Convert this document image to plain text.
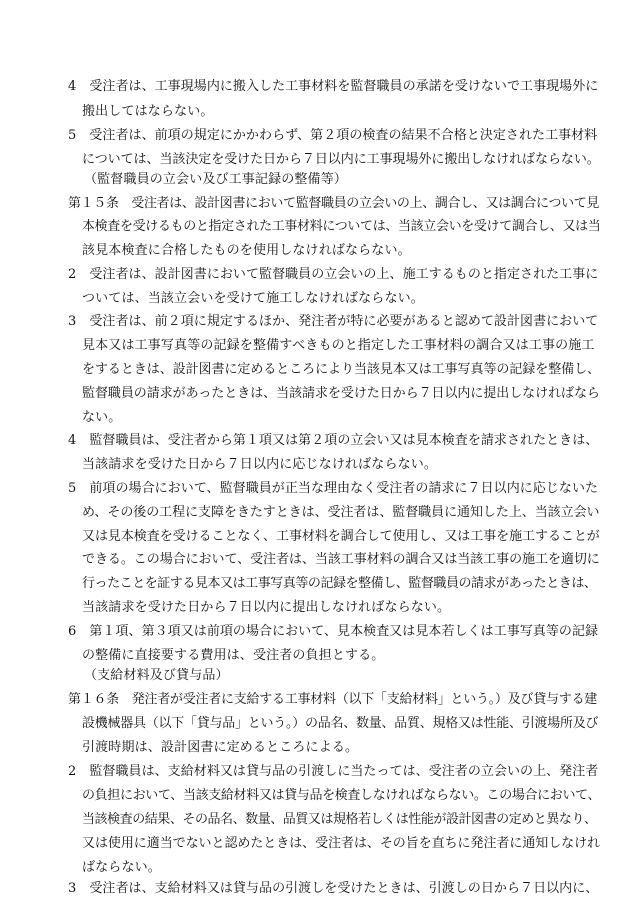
4　受注者は、工事現場内に搬入した工事材料を監督職員の承諾を受けないで工事現場外に
搬出してはならない。
5　受注者は、前項の規定にかかわらず、第２項の検査の結果不合格と決定された工事材料
については、当該決定を受けた日から７日以内に工事現場外に搬出しなければならない。
（監督職員の立会い及び工事記録の整備等）
第１５条　受注者は、設計図書において監督職員の立会いの上、調合し、又は調合について見
本検査を受けるものと指定された工事材料については、当該立会いを受けて調合し、又は当
該見本検査に合格したものを使用しなければならない。
2　受注者は、設計図書において監督職員の立会いの上、施工するものと指定された工事に
ついては、当該立会いを受けて施工しなければならない。
3　受注者は、前２項に規定するほか、発注者が特に必要があると認めて設計図書において
見本又は工事写真等の記録を整備すべきものと指定した工事材料の調合又は工事の施工
をするときは、設計図書に定めるところにより当該見本又は工事写真等の記録を整備し、
監督職員の請求があったときは、当該請求を受けた日から７日以内に提出しなければなら
ない。
4　監督職員は、受注者から第１項又は第２項の立会い又は見本検査を請求されたときは、
当該請求を受けた日から７日以内に応じなければならない。
5　前項の場合において、監督職員が正当な理由なく受注者の請求に７日以内に応じないた
め、その後の工程に支障をきたすときは、受注者は、監督職員に通知した上、当該立会い
又は見本検査を受けることなく、工事材料を調合して使用し、又は工事を施工することが
できる。この場合において、受注者は、当該工事材料の調合又は当該工事の施工を適切に
行ったことを証する見本又は工事写真等の記録を整備し、監督職員の請求があったときは、
当該請求を受けた日から７日以内に提出しなければならない。
6　第１項、第３項又は前項の場合において、見本検査又は見本若しくは工事写真等の記録
の整備に直接要する費用は、受注者の負担とする。
（支給材料及び貸与品）
第１６条　発注者が受注者に支給する工事材料（以下「支給材料」という。）及び貸与する建
設機械器具（以下「貸与品」という。）の品名、数量、品質、規格又は性能、引渡場所及び
引渡時期は、設計図書に定めるところによる。
2　監督職員は、支給材料又は貸与品の引渡しに当たっては、受注者の立会いの上、発注者
の負担において、当該支給材料又は貸与品を検査しなければならない。この場合において、
当該検査の結果、その品名、数量、品質又は規格若しくは性能が設計図書の定めと異なり、
又は使用に適当でないと認めたときは、受注者は、その旨を直ちに発注者に通知しなけれ
ばならない。
3　受注者は、支給材料又は貸与品の引渡しを受けたときは、引渡しの日から７日以内に、
